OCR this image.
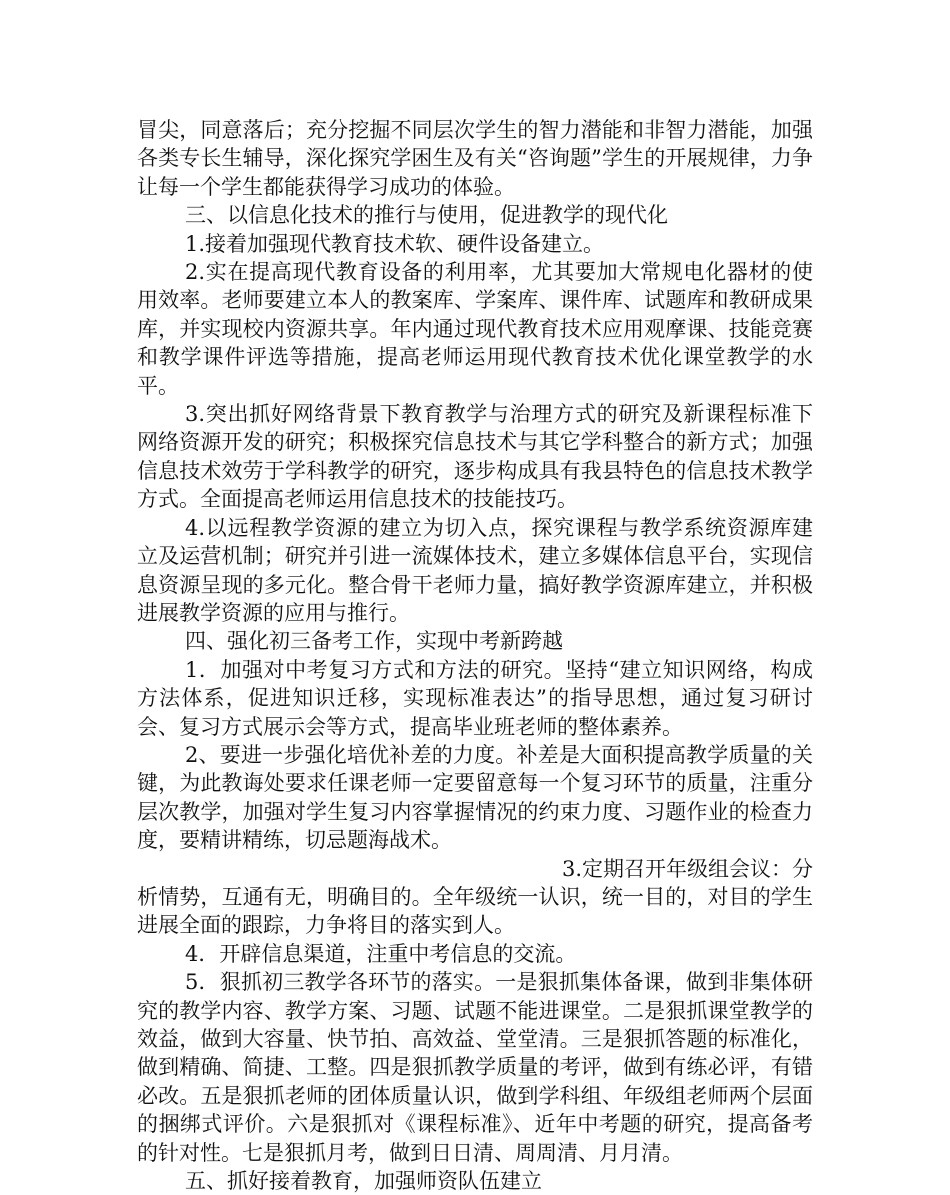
冒尖，同意落后；充分挖掘不同层次学生的智力潜能和非智力潜能，加强各类专长生辅导，深化探究学困生及有关“咨询题”学生的开展规律，力争让每一个学生都能获得学习成功的体验。

三、以信息化技术的推行与使用，促进教学的现代化

1.接着加强现代教育技术软、硬件设备建立。

2.实在提高现代教育设备的利用率，尤其要加大常规电化器材的使用效率。老师要建立本人的教案库、学案库、课件库、试题库和教研成果库，并实现校内资源共享。年内通过现代教育技术应用观摩课、技能竞赛和教学课件评选等措施，提高老师运用现代教育技术优化课堂教学的水平。

3.突出抓好网络背景下教育教学与治理方式的研究及新课程标准下网络资源开发的研究；积极探究信息技术与其它学科整合的新方式；加强信息技术效劳于学科教学的研究，逐步构成具有我县特色的信息技术教学方式。全面提高老师运用信息技术的技能技巧。

4.以远程教学资源的建立为切入点，探究课程与教学系统资源库建立及运营机制；研究并引进一流媒体技术，建立多媒体信息平台，实现信息资源呈现的多元化。整合骨干老师力量，搞好教学资源库建立，并积极进展教学资源的应用与推行。

四、强化初三备考工作，实现中考新跨越

1．加强对中考复习方式和方法的研究。坚持“建立知识网络，构成方法体系，促进知识迁移，实现标准表达”的指导思想，通过复习研讨会、复习方式展示会等方式，提高毕业班老师的整体素养。

2、要进一步强化培优补差的力度。补差是大面积提高教学质量的关键，为此教诲处要求任课老师一定要留意每一个复习环节的质量，注重分层次教学，加强对学生复习内容掌握情况的约束力度、习题作业的检查力度，要精讲精练，切忌题海战术。

3.定期召开年级组会议：分

析情势，互通有无，明确目的。全年级统一认识，统一目的，对目的学生进展全面的跟踪，力争将目的落实到人。

4．开辟信息渠道，注重中考信息的交流。

5．狠抓初三教学各环节的落实。一是狠抓集体备课，做到非集体研究的教学内容、教学方案、习题、试题不能进课堂。二是狠抓课堂教学的效益，做到大容量、快节拍、高效益、堂堂清。三是狠抓答题的标准化，做到精确、简捷、工整。四是狠抓教学质量的考评，做到有练必评，有错必改。五是狠抓老师的团体质量认识，做到学科组、年级组老师两个层面的捆绑式评价。六是狠抓对《课程标准》、近年中考题的研究，提高备考的针对性。七是狠抓月考，做到日日清、周周清、月月清。

五、抓好接着教育，加强师资队伍建立
